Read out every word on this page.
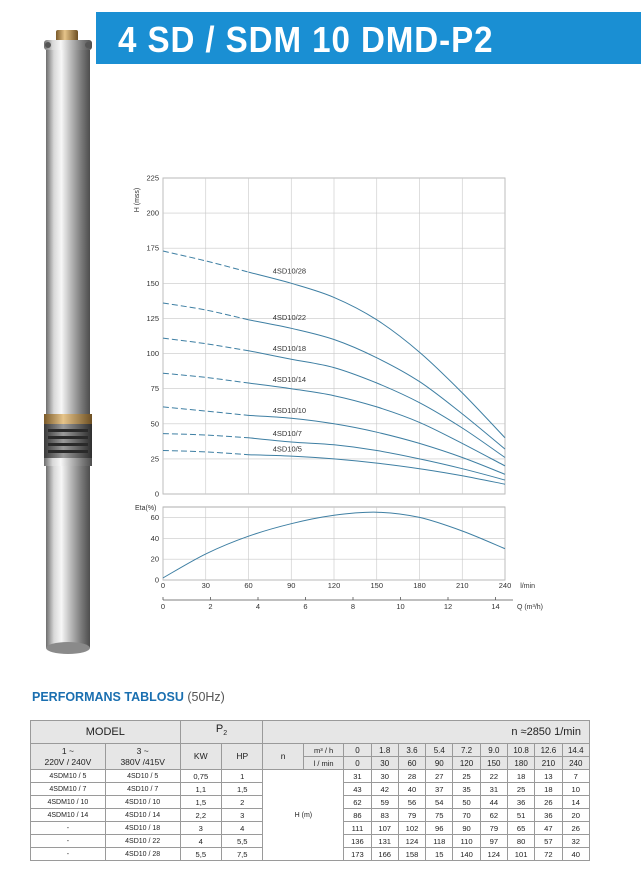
4 SD / SDM 10 DMD-P2
0
25
50
75
100
125
150
175
200
225
H (mss)
0
20
40
60
0	30	60	90	120	150	180	210	240
Eta(%)
l/min
0	2	4	6	8	10	12	14 Q (m³/h)
4SD10/28
4SD10/22
4SD10/18
4SD10/14
4SD10/10
4SD10/7
4SD10/5
PERFORMANS TABLOSU (50Hz)
MODEL		$P_2$		n ≈2850 1/min										
1 ~
220V / 240V	3 ~
380V /415V	KW	HP	n	m³ / h	0	1.8	3.6	5.4	7.2	9.0	10.8	12.6	14.4
					l / min	0	30	60	90	120	150	180	210	240
4SDM10 / 5	4SD10 / 5	0,75	1	H (m)		31	30	28	27	25	22	18	13	7
4SDM10 / 7	4SD10 / 7	1,1	1,5			43	42	40	37	35	31	25	18	10
4SDM10 / 10	4SD10 / 10	1,5	2			62	59	56	54	50	44	36	26	14
4SDM10 / 14	4SD10 / 14	2,2	3			86	83	79	75	70	62	51	36	20
-	4SD10 / 18	3	4			111	107	102	96	90	79	65	47	26
-	4SD10 / 22	4	5,5			136	131	124	118	110	97	80	57	32
-	4SD10 / 28	5,5	7,5			173	166	158	15	140	124	101	72	40
